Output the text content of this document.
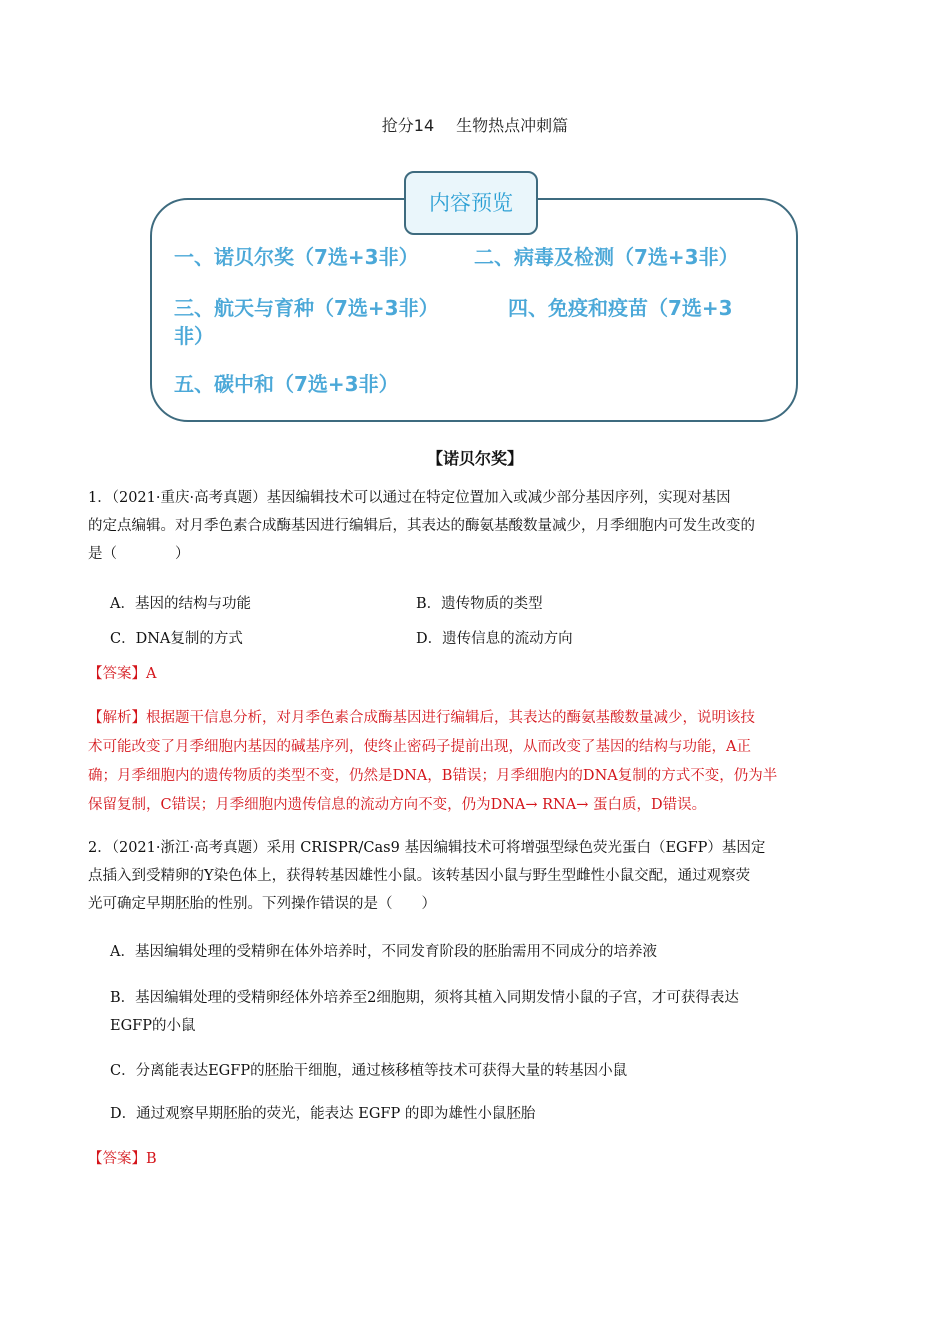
抢分14 生物热点冲刺篇
内容预览
一、诺贝尔奖（7选+3非）	二、病毒及检测（7选+3非）
三、航天与育种（7选+3非）	四、免疫和疫苗（7选+3
非）
五、碳中和（7选+3非）
【诺贝尔奖】
1．（2021·重庆·高考真题）基因编辑技术可以通过在特定位置加入或减少部分基因序列，实现对基因
的定点编辑。对月季色素合成酶基因进行编辑后，其表达的酶氨基酸数量减少，月季细胞内可发生改变的
是（　　　　）
A．基因的结构与功能	B．遗传物质的类型
C．DNA复制的方式	D．遗传信息的流动方向
【答案】A
【解析】根据题干信息分析，对月季色素合成酶基因进行编辑后，其表达的酶氨基酸数量减少，说明该技
术可能改变了月季细胞内基因的碱基序列，使终止密码子提前出现，从而改变了基因的结构与功能，A正
确；月季细胞内的遗传物质的类型不变，仍然是DNA，B错误；月季细胞内的DNA复制的方式不变，仍为半
保留复制，C错误；月季细胞内遗传信息的流动方向不变，仍为DNA→ RNA→ 蛋白质，D错误。
2．（2021·浙江·高考真题）采用 CRISPR/Cas9 基因编辑技术可将增强型绿色荧光蛋白（EGFP）基因定
点插入到受精卵的Y染色体上，获得转基因雄性小鼠。该转基因小鼠与野生型雌性小鼠交配，通过观察荧
光可确定早期胚胎的性别。下列操作错误的是（　　）
A．基因编辑处理的受精卵在体外培养时，不同发育阶段的胚胎需用不同成分的培养液
B．基因编辑处理的受精卵经体外培养至2细胞期，须将其植入同期发情小鼠的子宫，才可获得表达
EGFP的小鼠
C．分离能表达EGFP的胚胎干细胞，通过核移植等技术可获得大量的转基因小鼠
D．通过观察早期胚胎的荧光，能表达 EGFP 的即为雄性小鼠胚胎
【答案】B
